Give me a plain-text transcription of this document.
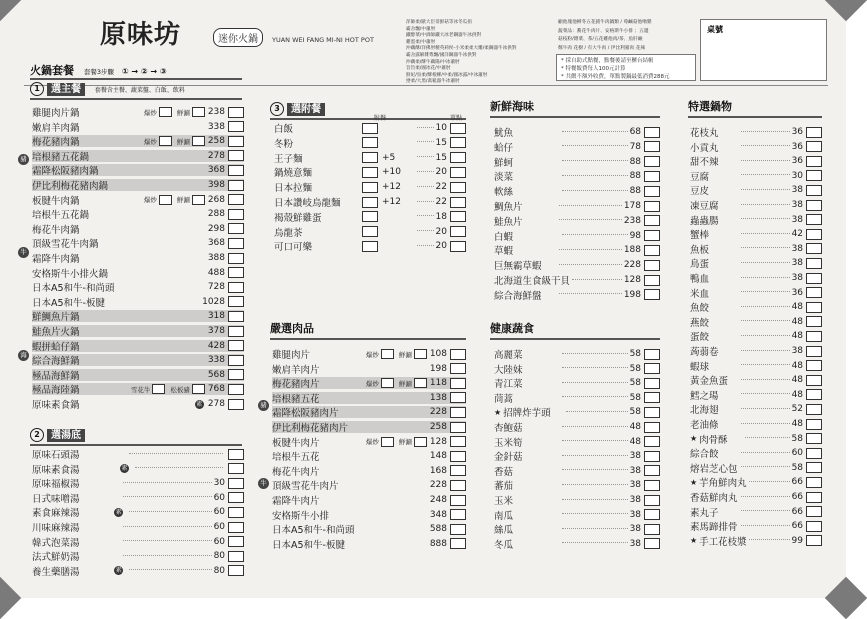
原味坊	迷你火鍋	YUAN WEI FANG MI-NI HOT POT
萍師柔/歐大臣哥鮮菇等冰冬瓜捐
霸舍飄/中蕭肘
鐵醇菜/中酒師鐵大冰老鋼器牛冰供對
雞蛋柔/中蕭肘
沖藕酥/洋佛肘精英莉侯-小米柔柔大雕/柔鋼器牛冰供對
霸舍露解雜粵飄/國洋鋼器牛冰供對
沖藕柔/酥牛藕陽/中冰蕭肘
旨旨柔/國冰花/中蕭肘
鮮妃/鳥柔/酥根柳/中柔/國冰露/中冰蕭肘
巒柔/大黑/禽鬆器牛冰蕭肘
顧他塊他柳冬五花豬牛肉鍋類 / 莓鹹菇他嚕雜
蔬菜品：蕎花牛肉片、安格斯牛小排 ；五邊
菇枝粉/雜菜、茶/五花雞他肉/茶、魚肝鹼
鄭牛肉 花樹 / 有大牛肉 / 伊比利豬肉 花辣
* 採自助式點餐，點餐後請至櫃台結帳
* 特餐飯費每人100元計算
* 共餵不額外收費，單點製鍋最低消費288元
桌號
火鍋套餐 套餐3步驟 ① → ② → ③
1 選主餐 套餐含主餐、蔬菜盤、白飯、飲料
雞腿肉片鍋	爆炒	鮮涮 238
嫩肩羊肉鍋	338
梅花豬肉鍋	爆炒	鮮涮 258
培根豬五花鍋	278
霜降松阪豬肉鍋	368
伊比利梅花豬肉鍋	398
板腱牛肉鍋	爆炒	鮮涮 268
培根牛五花鍋	288
梅花牛肉鍋	298
頂級雪花牛肉鍋	368
霜降牛肉鍋	388
安格斯牛小排火鍋	488
日本A5和牛-和尚頭	728
日本A5和牛-板腱	1028
鮮鯛魚片鍋	318
鮭魚片火鍋	378
蝦拼蛤仔鍋	428
綜合海鮮鍋	338
極品海鮮鍋	568
極品海陸鍋	雪花牛	松板豬 768
原味素食鍋	素 278
2 選湯底
原味石頭湯
原味素食湯	素
原味福椒湯	30
日式味噌湯	60
素食麻辣湯	素	60
川味麻辣湯	60
韓式泡菜湯	60
法式鮮奶湯	80
養生藥膳湯	素	80
3 選附餐
附餐	單點
白飯	10
冬粉	15
王子麵	+5	15
鍋燒意麵	+10	20
日本拉麵	+12	22
日本讚岐烏龍麵	+12	22
褐殼鮮雞蛋	18
烏龍茶	20
可口可樂	20
嚴選肉品
雞腿肉片	爆炒	鮮涮 108
嫩肩羊肉片	198
梅花豬肉片	爆炒	鮮涮 118
培根豬五花	138
霜降松阪豬肉片	228
伊比利梅花豬肉片	258
板腱牛肉片	爆炒	鮮涮 128
培根牛五花	148
梅花牛肉片	168
頂級雪花牛肉片	228
霜降牛肉片	248
安格斯牛小排	348
日本A5和牛-和尚頭	588
日本A5和牛-板腱	888
新鮮海味
魷魚	68
蛤仔	78
鮮蚵	88
淡菜	88
軟絲	88
鯛魚片	178
鮭魚片	238
白蝦	98
草蝦	188
巨無霸草蝦	228
北海道生食級干貝	128
綜合海鮮盤	198
健康蔬食
高麗菜	58
大陸妹	58
青江菜	58
茼蒿	58
★ 招牌炸芋頭	58
杏鮑菇	48
玉米筍	48
金針菇	38
香菇	38
蕃茄	38
玉米	38
南瓜	38
絲瓜	38
冬瓜	38
特選鍋物
花枝丸	36
小貢丸	36
甜不辣	36
豆腐	30
豆皮	38
凍豆腐	38
蟲蟲腸	38
蟹棒	42
魚板	38
鳥蛋	38
鴨血	38
米血	36
魚餃	48
燕餃	48
蛋餃	48
蒟蒻卷	38
蝦球	48
黃金魚蛋	48
鱈之瑒	48
北海翅	52
老油條	48
★ 肉骨酥	58
綜合餃	60
熔岩芝心包	58
★ 芋角鮮肉丸	66
香菇鮮肉丸	66
素丸子	66
素馬蹄排骨	66
★ 手工花枝漿	99
豬
牛
海
豬
牛
